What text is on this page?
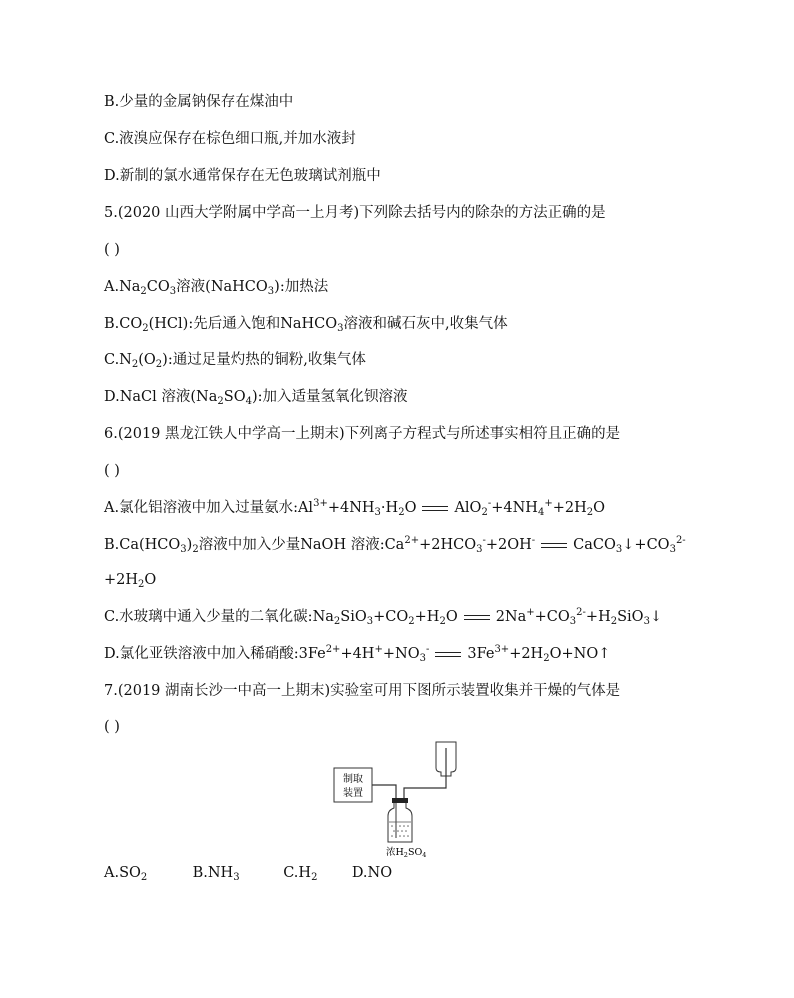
B.少量的金属钠保存在煤油中
C.液溴应保存在棕色细口瓶,并加水液封
D.新制的氯水通常保存在无色玻璃试剂瓶中
5.(2020 山西大学附属中学高一上月考)下列除去括号内的除杂的方法正确的是
( )
$A.Na_2CO_3$溶液(NaHCO$_3$):加热法
$B.CO_2(HCl)$:先后通入饱和NaHCO$_3$溶液和碱石灰中,收集气体
$C.N_2(O_2)$:通过足量灼热的铜粉,收集气体
D.NaCl 溶液$(Na_2SO_4)$:加入适量氢氧化钡溶液
6.(2019 黑龙江铁人中学高一上期末)下列离子方程式与所述事实相符且正确的是
( )
A.氯化铝溶液中加入过量氨水$:Al^{3+}+4NH_3\cdot H_2O$	$AlO_2^-+4NH_4^++2H_2O$
$B.Ca(HCO_3)_2$溶液中加入少量NaOH 溶液$:Ca^{2+}+2HCO_3^-+2OH^-$	$CaCO_3↓+CO_3^{2-}$
$+2H_2O$
C.水玻璃中通入少量的二氧化碳$:Na_2SiO_3+CO_2+H_2O$	$2Na^++CO_3^{2-}+H_2SiO_3↓$
D.氯化亚铁溶液中加入稀硝酸$:3Fe^{2+}+4H^++NO_3^-$	$3Fe^{3+}+2H_2O+NO↑$
7.(2019 湖南长沙一中高一上期末)实验室可用下图所示装置收集并干燥的气体是
( )
制取
装置
浓$H_2SO_4$
$A.SO_2$	$B.NH_3$	$C.H_2$ D.NO
